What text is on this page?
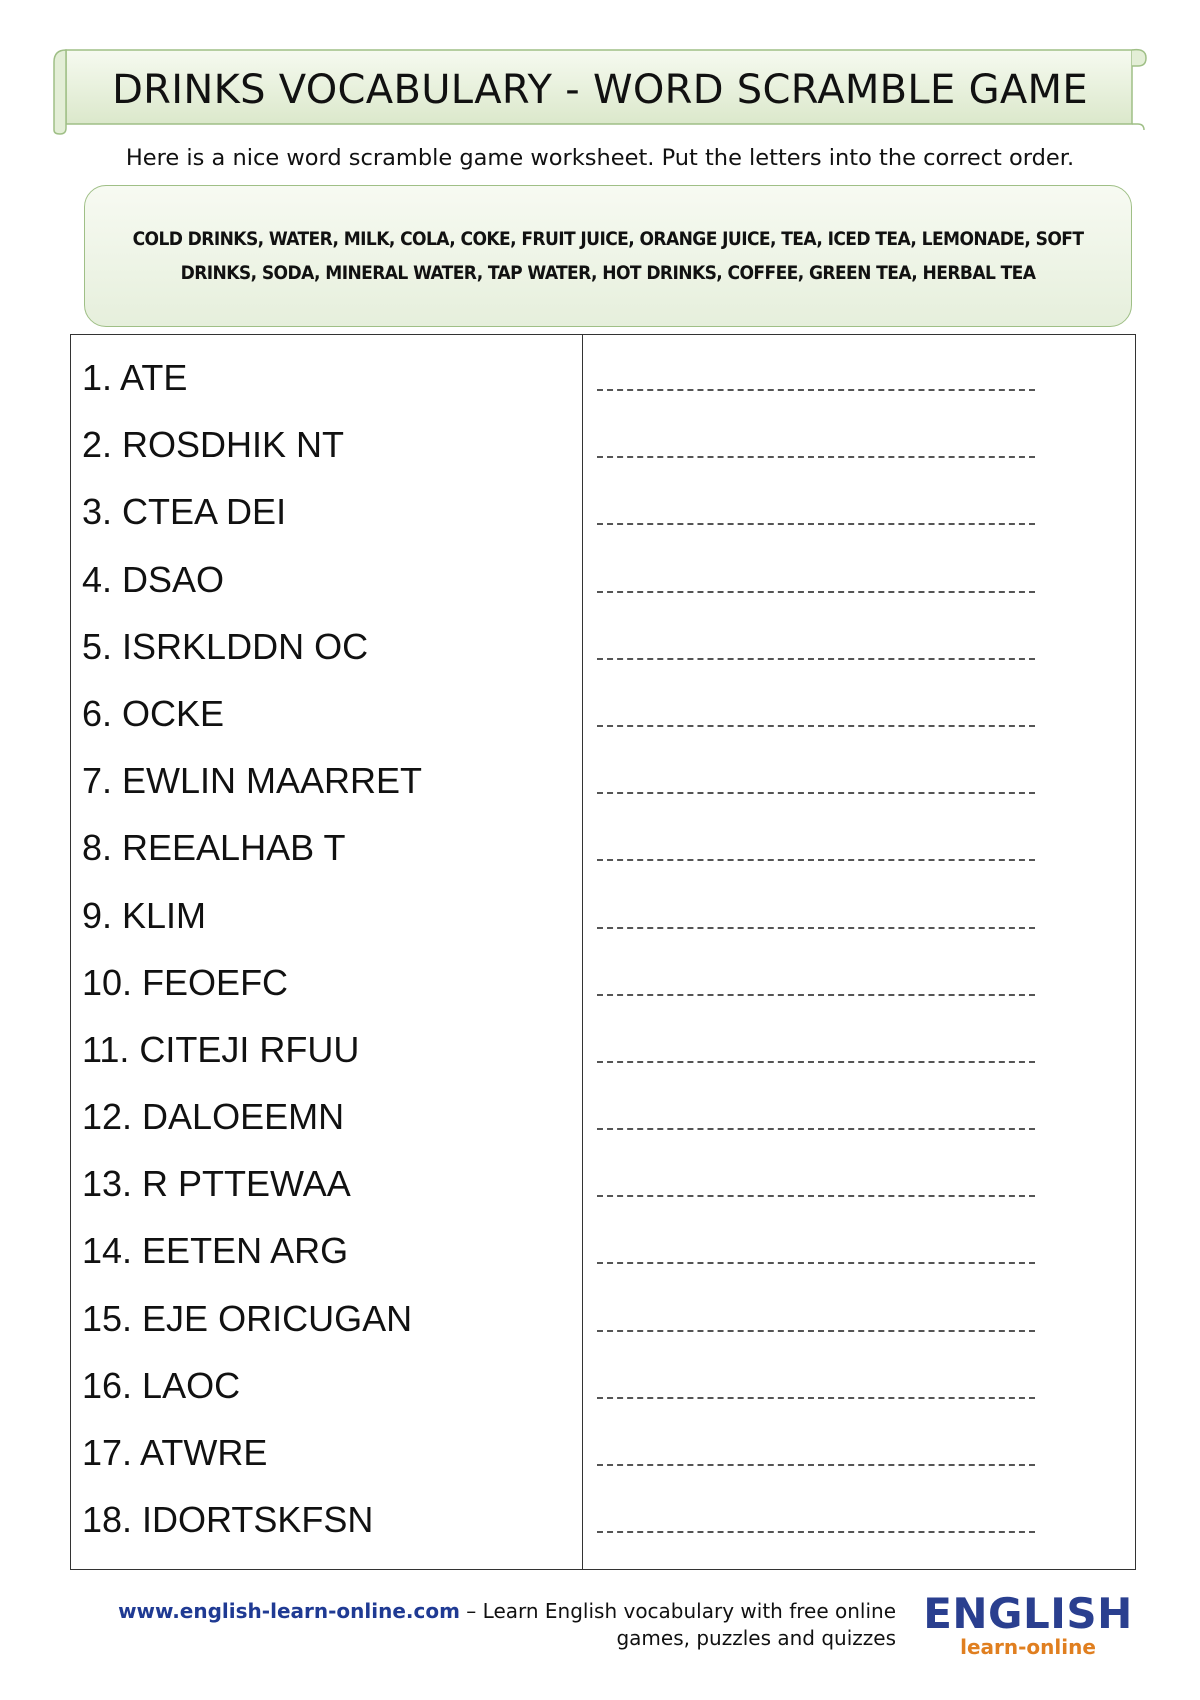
DRINKS VOCABULARY - WORD SCRAMBLE GAME
Here is a nice word scramble game worksheet. Put the letters into the correct order.
COLD DRINKS, WATER, MILK, COLA, COKE, FRUIT JUICE, ORANGE JUICE, TEA, ICED TEA, LEMONADE, SOFT DRINKS, SODA, MINERAL WATER, TAP WATER, HOT DRINKS, COFFEE, GREEN TEA, HERBAL TEA
1. ATE
2. ROSDHIK NT
3. CTEA DEI
4. DSAO
5. ISRKLDDN OC
6. OCKE
7. EWLIN MAARRET
8. REEALHAB T
9. KLIM
10. FEOEFC
11. CITEJI RFUU
12. DALOEEMN
13. R PTTEWAA
14. EETEN ARG
15. EJE ORICUGAN
16. LAOC
17. ATWRE
18. IDORTSKFSN
www.english-learn-online.com – Learn English vocabulary with free online
games, puzzles and quizzes ENGLISH
learn-online
